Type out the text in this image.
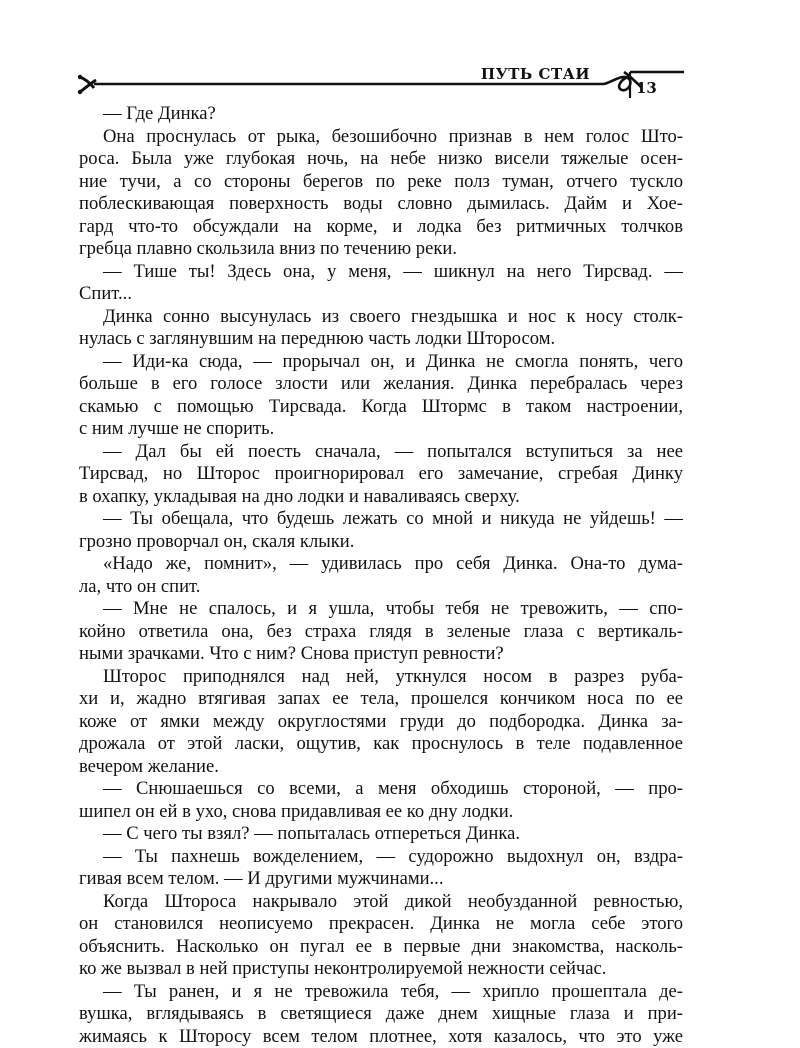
ПУТЬ СТАИ
13
— Где Динка?
Она проснулась от рыка, безошибочно признав в нем голос Што-
роса. Была уже глубокая ночь, на небе низко висели тяжелые осен-
ние тучи, а со стороны берегов по реке полз туман, отчего тускло
поблескивающая поверхность воды словно дымилась. Дайм и Хое-
гард что-то обсуждали на корме, и лодка без ритмичных толчков
гребца плавно скользила вниз по течению реки.
— Тише ты! Здесь она, у меня, — шикнул на него Тирсвад. —
Спит...
Динка сонно высунулась из своего гнездышка и нос к носу столк-
нулась с заглянувшим на переднюю часть лодки Шторосом.
— Иди-ка сюда, — прорычал он, и Динка не смогла понять, чего
больше в его голосе злости или желания. Динка перебралась через
скамью с помощью Тирсвада. Когда Штормс в таком настроении,
с ним лучше не спорить.
— Дал бы ей поесть сначала, — попытался вступиться за нее
Тирсвад, но Шторос проигнорировал его замечание, сгребая Динку
в охапку, укладывая на дно лодки и наваливаясь сверху.
— Ты обещала, что будешь лежать со мной и никуда не уйдешь! —
грозно проворчал он, скаля клыки.
«Надо же, помнит», — удивилась про себя Динка. Она-то дума-
ла, что он спит.
— Мне не спалось, и я ушла, чтобы тебя не тревожить, — спо-
койно ответила она, без страха глядя в зеленые глаза с вертикаль-
ными зрачками. Что с ним? Снова приступ ревности?
Шторос приподнялся над ней, уткнулся носом в разрез руба-
хи и, жадно втягивая запах ее тела, прошелся кончиком носа по ее
коже от ямки между округлостями груди до подбородка. Динка за-
дрожала от этой ласки, ощутив, как проснулось в теле подавленное
вечером желание.
— Снюшаешься со всеми, а меня обходишь стороной, — про-
шипел он ей в ухо, снова придавливая ее ко дну лодки.
— С чего ты взял? — попыталась отпереться Динка.
— Ты пахнешь вожделением, — судорожно выдохнул он, вздра-
гивая всем телом. — И другими мужчинами...
Когда Штороса накрывало этой дикой необузданной ревностью,
он становился неописуемо прекрасен. Динка не могла себе этого
объяснить. Насколько он пугал ее в первые дни знакомства, насколь-
ко же вызвал в ней приступы неконтролируемой нежности сейчас.
— Ты ранен, и я не тревожила тебя, — хрипло прошептала де-
вушка, вглядываясь в светящиеся даже днем хищные глаза и при-
жимаясь к Шторосу всем телом плотнее, хотя казалось, что это уже
